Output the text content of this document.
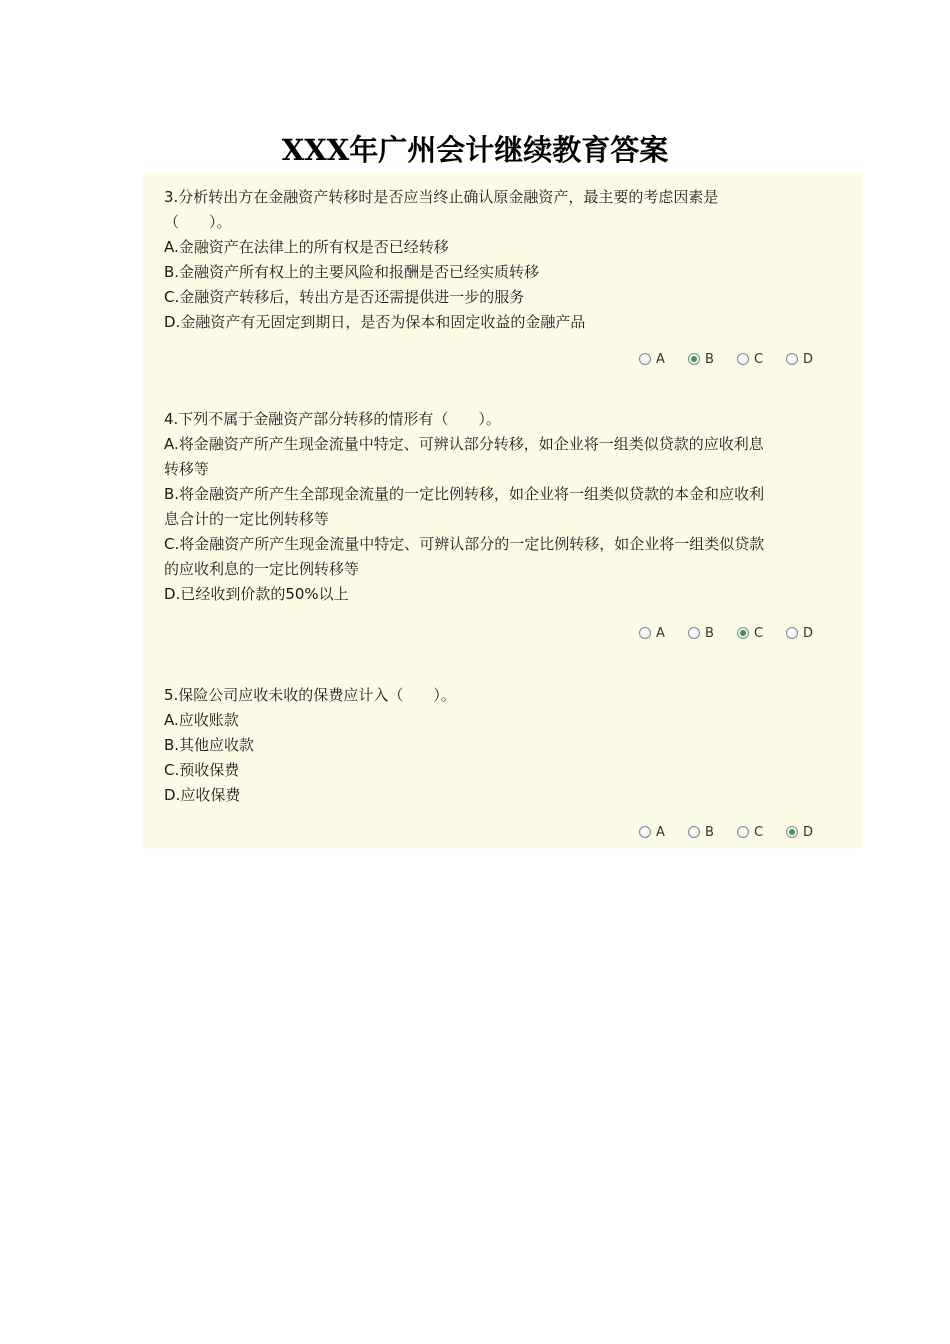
XXX年广州会计继续教育答案
3.分析转出方在金融资产转移时是否应当终止确认原金融资产，最主要的考虑因素是
（　　）。
A.金融资产在法律上的所有权是否已经转移
B.金融资产所有权上的主要风险和报酬是否已经实质转移
C.金融资产转移后，转出方是否还需提供进一步的服务
D.金融资产有无固定到期日，是否为保本和固定收益的金融产品
A	B	C	D
4.下列不属于金融资产部分转移的情形有（　　）。
A.将金融资产所产生现金流量中特定、可辨认部分转移，如企业将一组类似贷款的应收利息
转移等
B.将金融资产所产生全部现金流量的一定比例转移，如企业将一组类似贷款的本金和应收利
息合计的一定比例转移等
C.将金融资产所产生现金流量中特定、可辨认部分的一定比例转移，如企业将一组类似贷款
的应收利息的一定比例转移等
D.已经收到价款的50%以上
A	B	C	D
5.保险公司应收未收的保费应计入（　　）。
A.应收账款
B.其他应收款
C.预收保费
D.应收保费
A	B	C	D
